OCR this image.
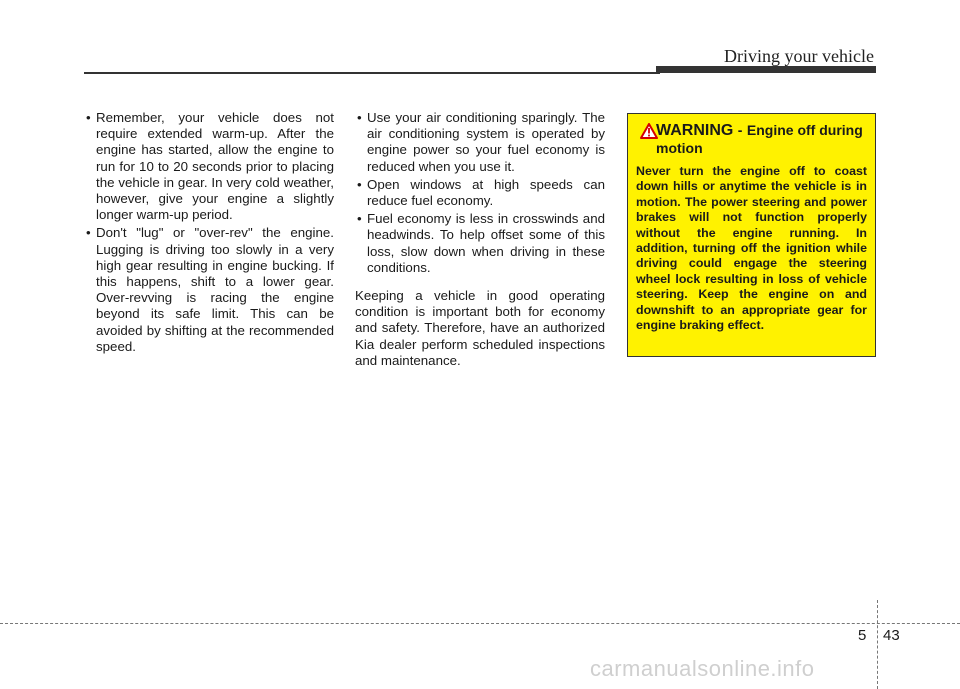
Driving your vehicle
• Remember, your vehicle does not require extended warm-up. After the engine has started, allow the engine to run for 10 to 20 seconds prior to placing the vehicle in gear. In very cold weather, however, give your engine a slightly longer warm-up period.
• Don't "lug" or "over-rev" the engine. Lugging is driving too slowly in a very high gear resulting in engine bucking. If this happens, shift to a lower gear. Over-revving is racing the engine beyond its safe limit. This can be avoided by shifting at the recommended speed.
• Use your air conditioning sparingly. The air conditioning system is operated by engine power so your fuel economy is reduced when you use it.
• Open windows at high speeds can reduce fuel economy.
• Fuel economy is less in crosswinds and headwinds. To help offset some of this loss, slow down when driving in these conditions.

Keeping a vehicle in good operating condition is important both for economy and safety. Therefore, have an authorized Kia dealer perform scheduled inspections and maintenance.

WARNING - Engine off during motion
Never turn the engine off to coast down hills or anytime the vehicle is in motion. The power steering and power brakes will not function properly without the engine running. In addition, turning off the ignition while driving could engage the steering wheel lock resulting in loss of vehicle steering. Keep the engine on and downshift to an appropriate gear for engine braking effect.
5 43
carmanualsonline.info
